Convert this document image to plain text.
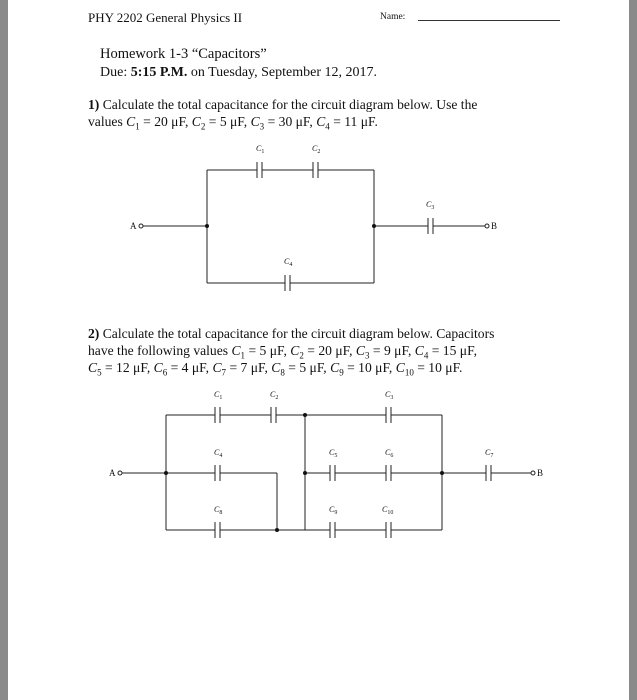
PHY 2202 General Physics II	Name:
Homework 1-3 “Capacitors”
Due: 5:15 P.M. on Tuesday, September 12, 2017.
1) Calculate the total capacitance for the circuit diagram below. Use the
values $C_1 = 20$ μF, $C_2 = 5$ μF, $C_3 = 30$ μF, $C_4 = 11$ μF.
A	B
$C_1$	$C_2$
$C_3$
$C_4$
2) Calculate the total capacitance for the circuit diagram below. Capacitors
have the following values $C_1 = 5$ μF, $C_2 = 20$ μF, $C_3 = 9$ μF, $C_4 = 15$ μF,
$C_5 = 12$ μF, $C_6 = 4$ μF, $C_7 = 7$ μF, $C_8 = 5$ μF, $C_9 = 10$ μF, $C_{10} = 10$ μF.
A	B
$C_1$	$C_2$	$C_3$
$C_4$	$C_5$	$C_6$	$C_7$
$C_8$	$C_9$	$C_{10}$
